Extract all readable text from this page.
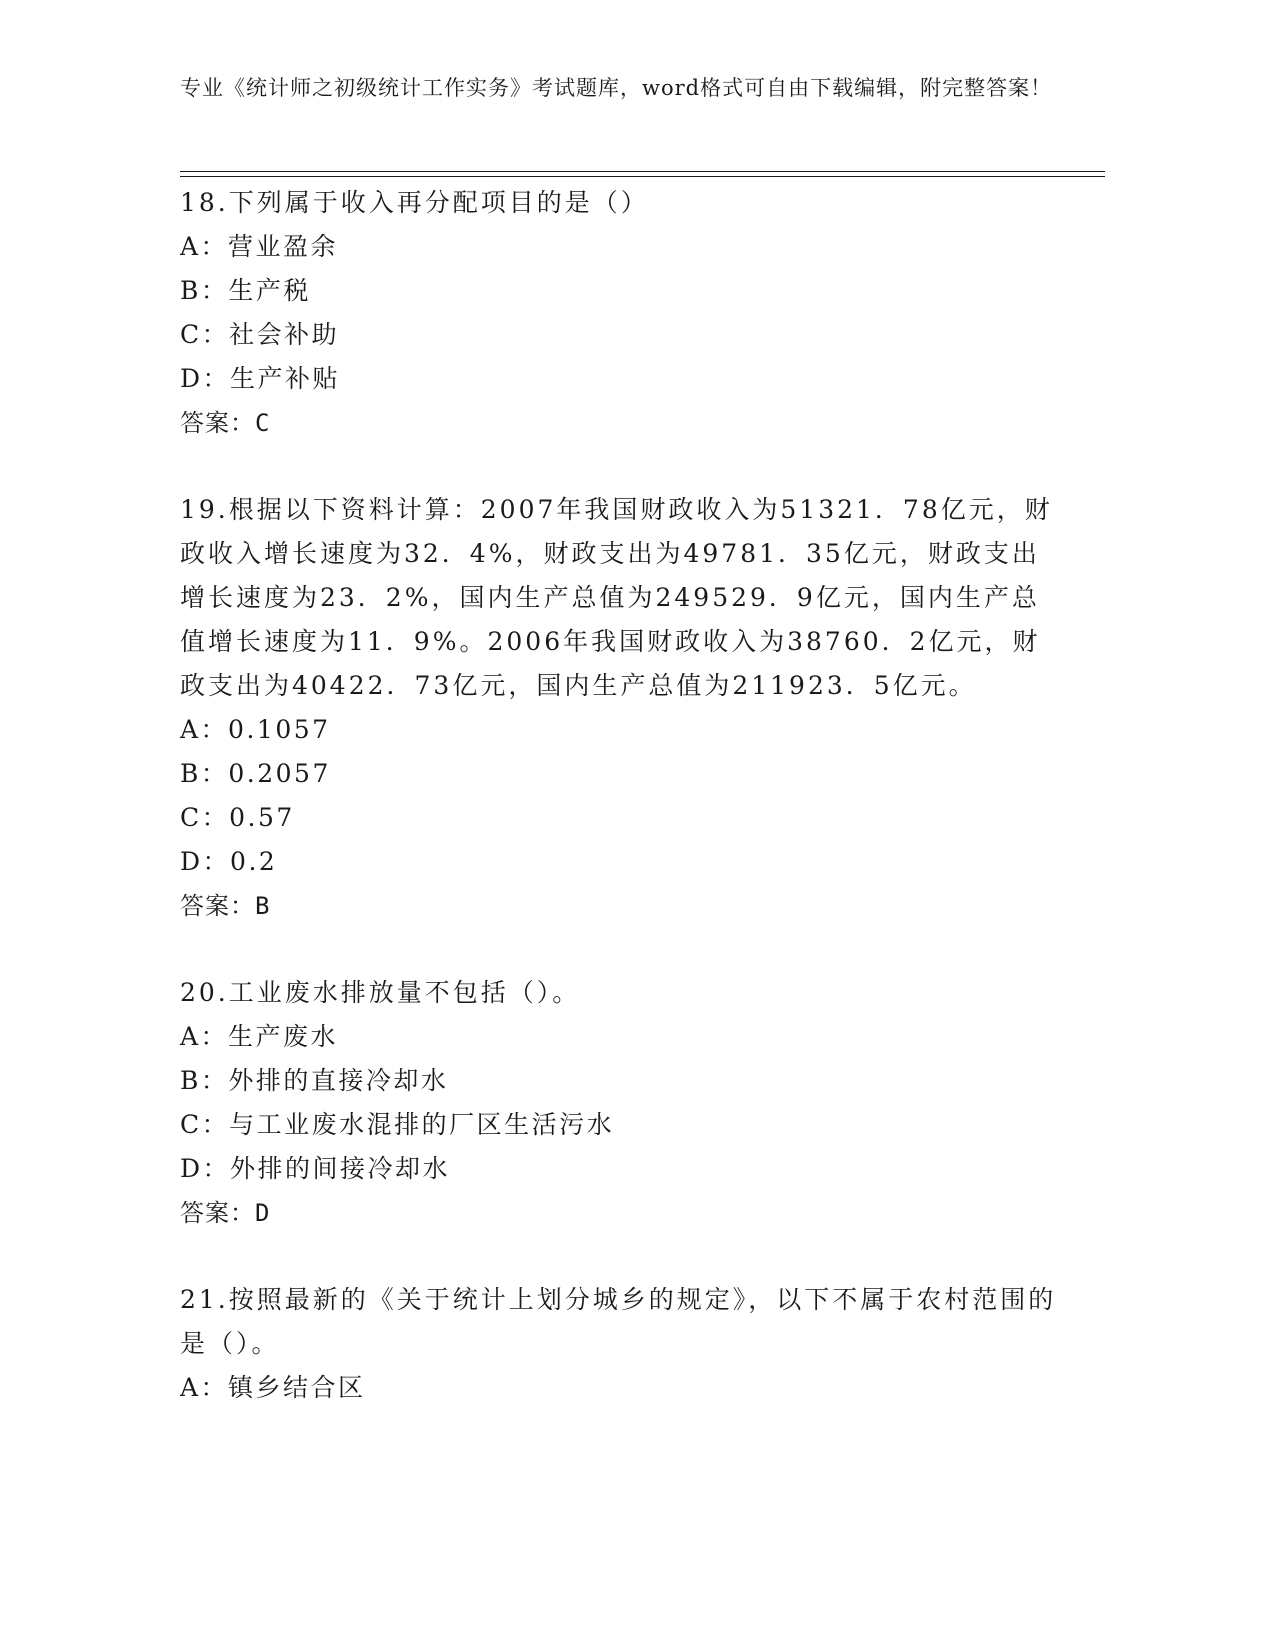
专业《统计师之初级统计工作实务》考试题库，word格式可自由下载编辑，附完整答案！

18.下列属于收入再分配项目的是（）

A：营业盈余

B：生产税

C：社会补助

D：生产补贴

答案：C

19.根据以下资料计算：2007年我国财政收入为51321．78亿元，财政收入增长速度为32．4%，财政支出为49781．35亿元，财政支出增长速度为23．2%，国内生产总值为249529．9亿元，国内生产总值增长速度为11．9%。2006年我国财政收入为38760．2亿元，财政支出为40422．73亿元，国内生产总值为211923．5亿元。

A：0.1057

B：0.2057

C：0.57

D：0.2

答案：B

20.工业废水排放量不包括（）。

A：生产废水

B：外排的直接冷却水

C：与工业废水混排的厂区生活污水

D：外排的间接冷却水

答案：D

21.按照最新的《关于统计上划分城乡的规定》，以下不属于农村范围的是（）。

A：镇乡结合区
